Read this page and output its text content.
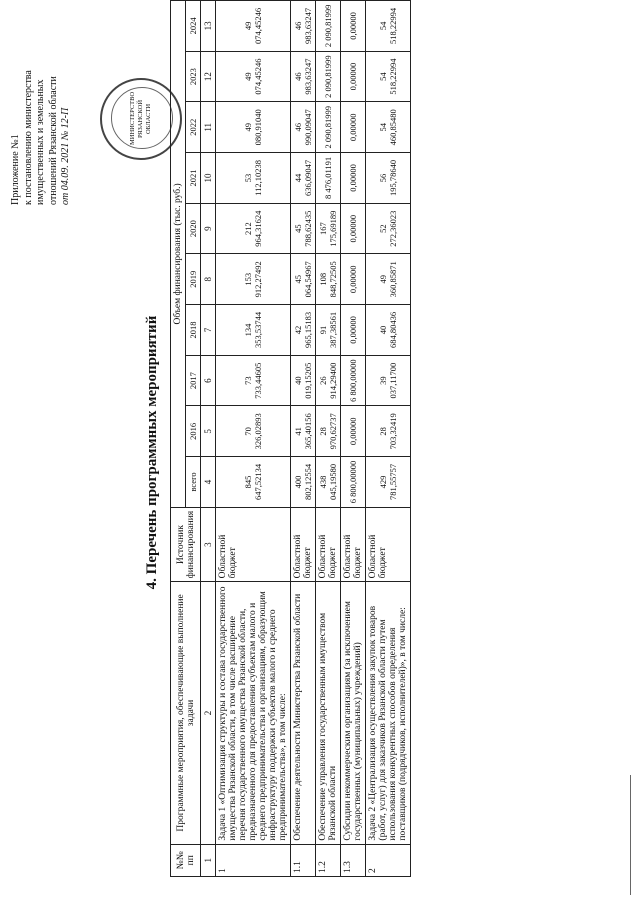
Приложение №1 к постановлению министерства имущественных и земельных отношений Рязанской области от 04.09. 2021 № 12-П	МИНИСТЕРСТВО РЯЗАНСКОЙ ОБЛАСТИ
4. Перечень программных мероприятий
№№ пп	Программные мероприятия, обеспечивающие выполнение задачи	Источник финансирования	Объем финансирования (тыс. руб.)									
			всего	2016	2017	2018	2019	2020	2021	2022	2023	2024
1	2	3	4	5	6	7	8	9	10	11	12	13
1	Задача 1 «Оптимизация структуры и состава государственного имущества Рязанской области, в том числе расширение перечня государственного имущества Рязанской области, предназначенного для предоставления субъектам малого и среднего предпринимательства и организациям, образующим инфраструктуру поддержки субъектов малого и среднего предпринимательства», в том числе:	Областной бюджет	845 647,52134	70 326,02893	73 733,44605	134 353,53744	153 912,27492	212 964,31624	53 112,10238	49 080,91040	49 074,45246	49 074,45246
1.1	Обеспечение деятельности Министерства Рязанской области	Областной бюджет	400 802,12554	41 365,40156	40 019,15205	42 965,15183	45 064,54967	45 788,62435	44 636,09047	46 990,09047	46 983,63247	46 983,63247
1.2	Обеспечение управления государственным имуществом Рязанской области	Областной бюджет	438 045,19580	28 970,62737	26 914,29400	91 387,38561	108 848,72505	167 175,69189	8 476,01191	2 090,81999	2 090,81999	2 090,81999
1.3	Субсидии некоммерческим организациям (за исключением государственных (муниципальных) учреждений)	Областной бюджет	6 800,00000	0,00000	6 800,00000	0,00000	0,00000	0,00000	0,00000	0,00000	0,00000	0,00000
2	Задача 2 «Централизация осуществления закупок товаров (работ, услуг) для заказчиков Рязанской области путем использования конкурентных способов определения поставщиков (подрядчиков, исполнителей)», в том числе:	Областной бюджет	429 781,55757	28 703,32419	39 037,11700	40 684,80436	49 360,85871	52 272,36023	56 195,78640	54 460,85480	54 518,22994	54 518,22994
